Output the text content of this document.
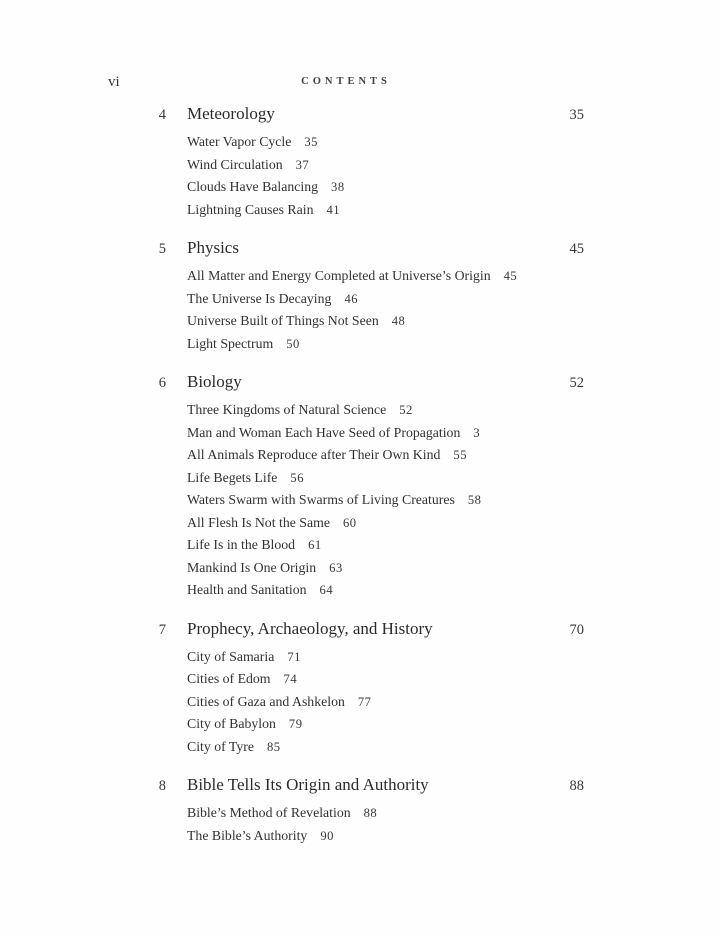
vi	CONTENTS
4 Meteorology	35
Water Vapor Cycle 35
Wind Circulation 37
Clouds Have Balancing 38
Lightning Causes Rain 41
5 Physics	45
All Matter and Energy Completed at Universe’s Origin 45
The Universe Is Decaying 46
Universe Built of Things Not Seen 48
Light Spectrum 50
6 Biology	52
Three Kingdoms of Natural Science 52
Man and Woman Each Have Seed of Propagation 3
All Animals Reproduce after Their Own Kind 55
Life Begets Life 56
Waters Swarm with Swarms of Living Creatures 58
All Flesh Is Not the Same 60
Life Is in the Blood 61
Mankind Is One Origin 63
Health and Sanitation 64
7 Prophecy, Archaeology, and History	70
City of Samaria 71
Cities of Edom 74
Cities of Gaza and Ashkelon 77
City of Babylon 79
City of Tyre 85
8 Bible Tells Its Origin and Authority	88
Bible’s Method of Revelation 88
The Bible’s Authority 90
